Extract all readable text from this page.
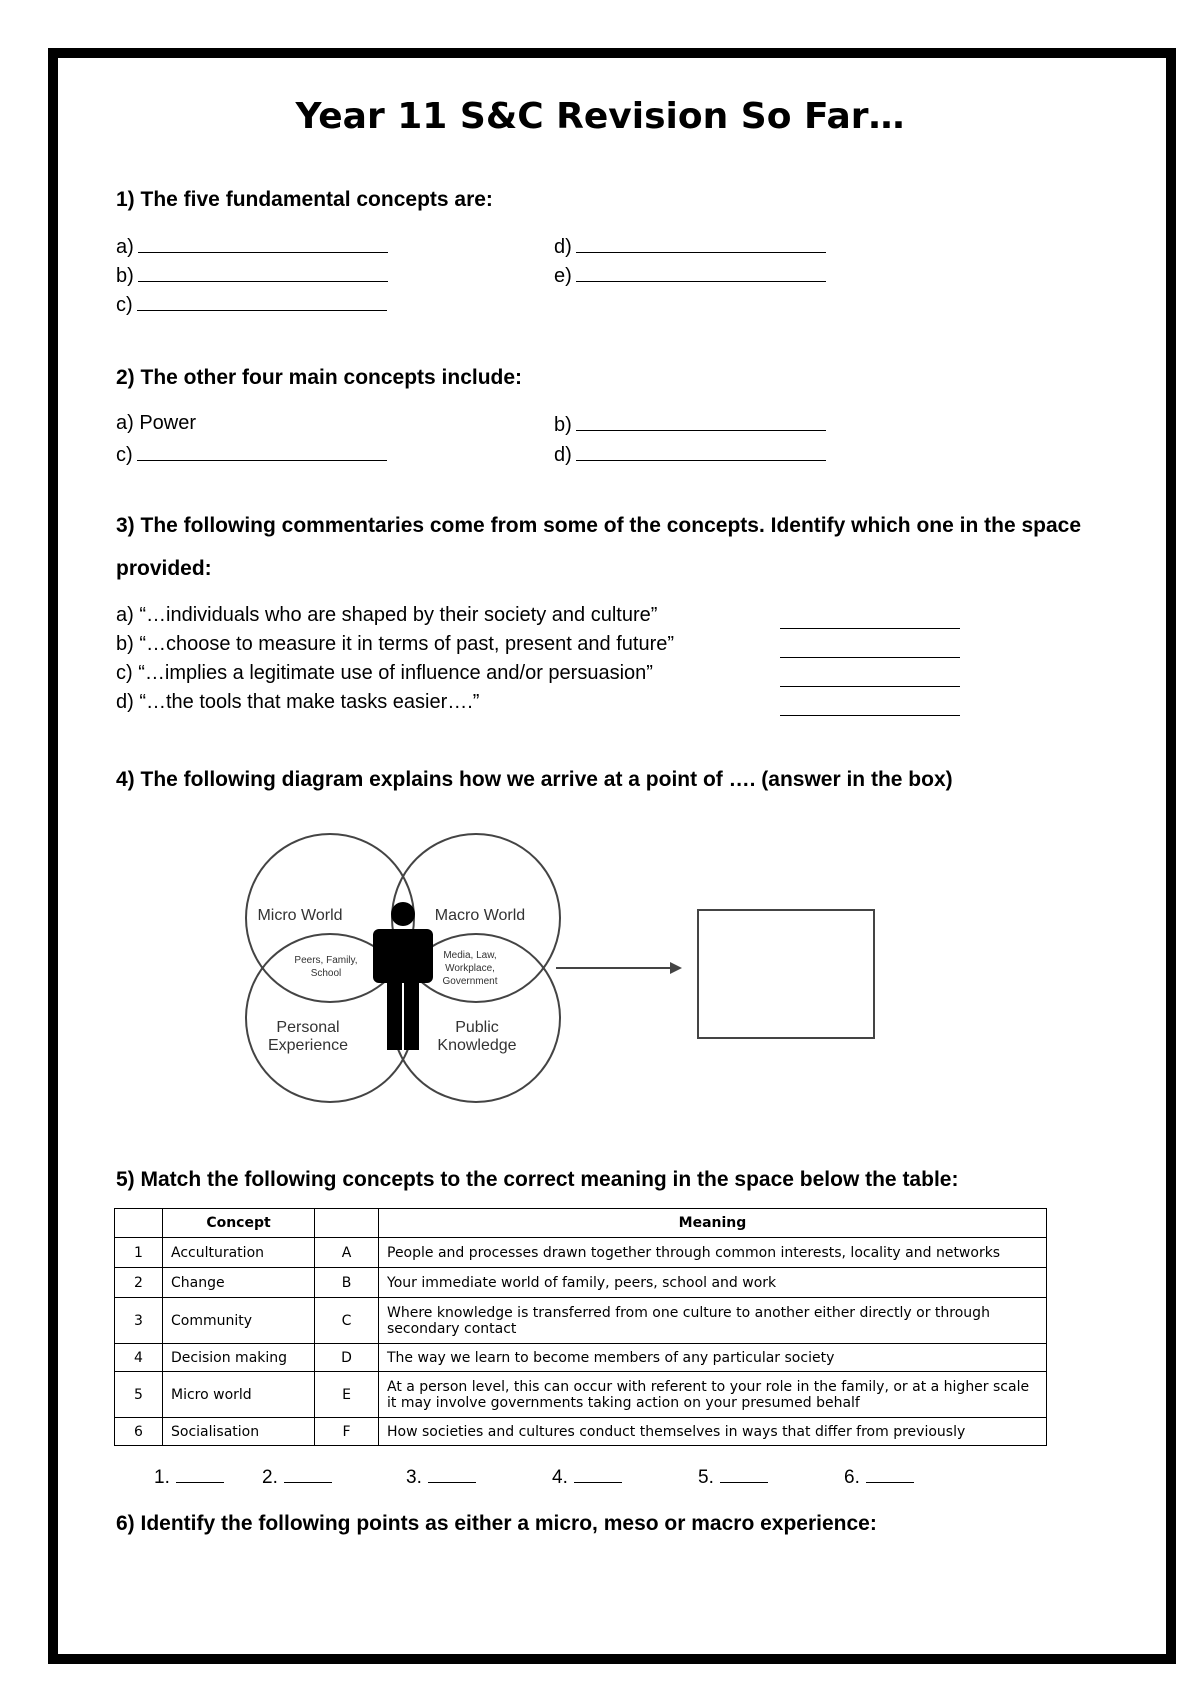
Year 11 S&C Revision So Far…
1) The five fundamental concepts are:
a)
b)
c)
d)
e)
2) The other four main concepts include:
a) Power
c)
b)
d)
3) The following commentaries come from some of the concepts. Identify which one in the space
provided:
a) “…individuals who are shaped by their society and culture”
b) “…choose to measure it in terms of past, present and future”
c) “…implies a legitimate use of influence and/or persuasion”
d) “…the tools that make tasks easier….”
4) The following diagram explains how we arrive at a point of …. (answer in the box)
Micro World	Macro World
Peers, Family,
School
Media, Law,
Workplace,
Government
Personal
Experience
Public
Knowledge
5) Match the following concepts to the correct meaning in the space below the table:
	Concept		Meaning
1	Acculturation	A	People and processes drawn together through common interests, locality and networks
2	Change	B	Your immediate world of family, peers, school and work
3	Community	C	Where knowledge is transferred from one culture to another either directly or through secondary contact
4	Decision making	D	The way we learn to become members of any particular society
5	Micro world	E	At a person level, this can occur with referent to your role in the family, or at a higher scale it may involve governments taking action on your presumed behalf
6	Socialisation	F	How societies and cultures conduct themselves in ways that differ from previously
1.	2.	3.	4.	5.	6.
6) Identify the following points as either a micro, meso or macro experience:
